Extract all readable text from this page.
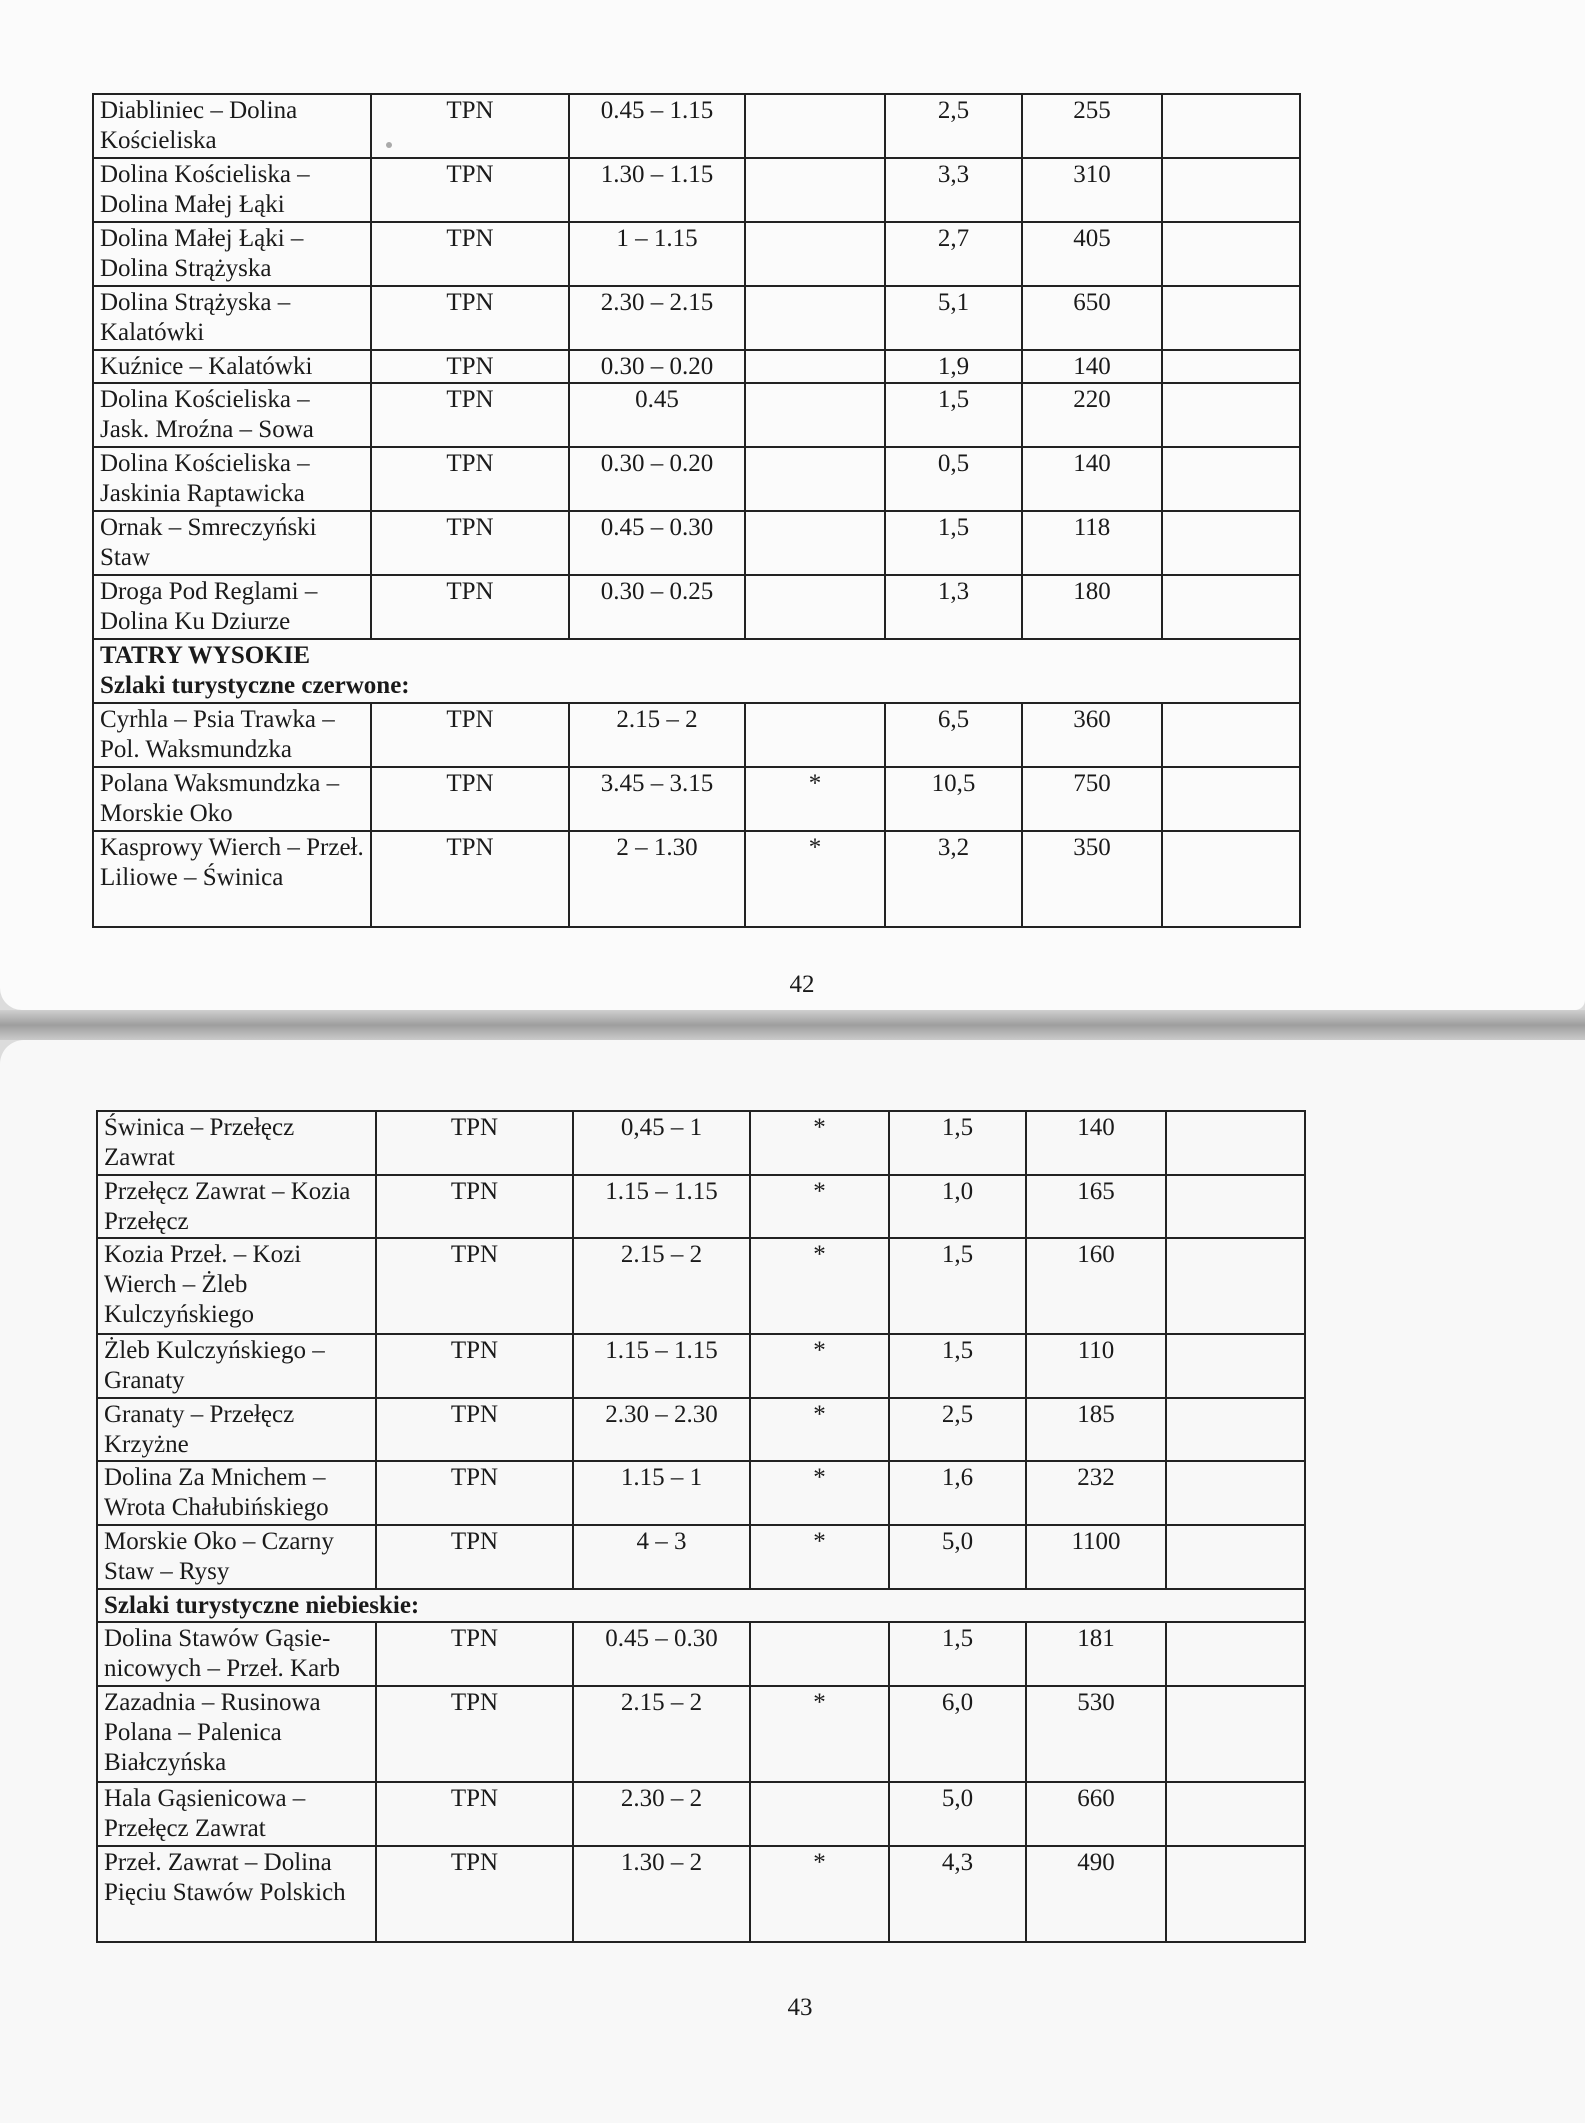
Diabliniec – Dolina Kościeliska	TPN	0.45 – 1.15		2,5	255	
Dolina Kościeliska – Dolina Małej Łąki	TPN	1.30 – 1.15		3,3	310	
Dolina Małej Łąki – Dolina Strążyska	TPN	1 – 1.15		2,7	405	
Dolina Strążyska – Kalatówki	TPN	2.30 – 2.15		5,1	650	
Kuźnice – Kalatówki	TPN	0.30 – 0.20		1,9	140	
Dolina Kościeliska – Jask. Mroźna – Sowa	TPN	0.45		1,5	220	
Dolina Kościeliska – Jaskinia Raptawicka	TPN	0.30 – 0.20		0,5	140	
Ornak – Smreczyński Staw	TPN	0.45 – 0.30		1,5	118	
Droga Pod Reglami – Dolina Ku Dziurze	TPN	0.30 – 0.25		1,3	180	
TATRY WYSOKIE
Szlaki turystyczne czerwone:						
Cyrhla – Psia Trawka – Pol. Waksmundzka	TPN	2.15 – 2		6,5	360	
Polana Waksmundzka –Morskie Oko	TPN	3.45 – 3.15	*	10,5	750	
Kasprowy Wierch – Przeł. Liliowe – Świnica	TPN	2 – 1.30	*	3,2	350	
42
Świnica – Przełęcz Zawrat	TPN	0,45 – 1	*	1,5	140	
Przełęcz Zawrat – Kozia Przełęcz	TPN	1.15 – 1.15	*	1,0	165	
Kozia Przeł. – Kozi Wierch – Żleb Kulczyńskiego	TPN	2.15 – 2	*	1,5	160	
Żleb Kulczyńskiego – Granaty	TPN	1.15 – 1.15	*	1,5	110	
Granaty – Przełęcz Krzyżne	TPN	2.30 – 2.30	*	2,5	185	
Dolina Za Mnichem – Wrota Chałubińskiego	TPN	1.15 – 1	*	1,6	232	
Morskie Oko – Czarny Staw – Rysy	TPN	4 – 3	*	5,0	1100	
Szlaki turystyczne niebieskie:						
Dolina Stawów Gąsie-nicowych – Przeł. Karb	TPN	0.45 – 0.30		1,5	181	
Zazadnia – Rusinowa Polana – Palenica Białczyńska	TPN	2.15 – 2	*	6,0	530	
Hala Gąsienicowa – Przełęcz Zawrat	TPN	2.30 – 2		5,0	660	
Przeł. Zawrat – Dolina Pięciu Stawów Polskich	TPN	1.30 – 2	*	4,3	490	
43
